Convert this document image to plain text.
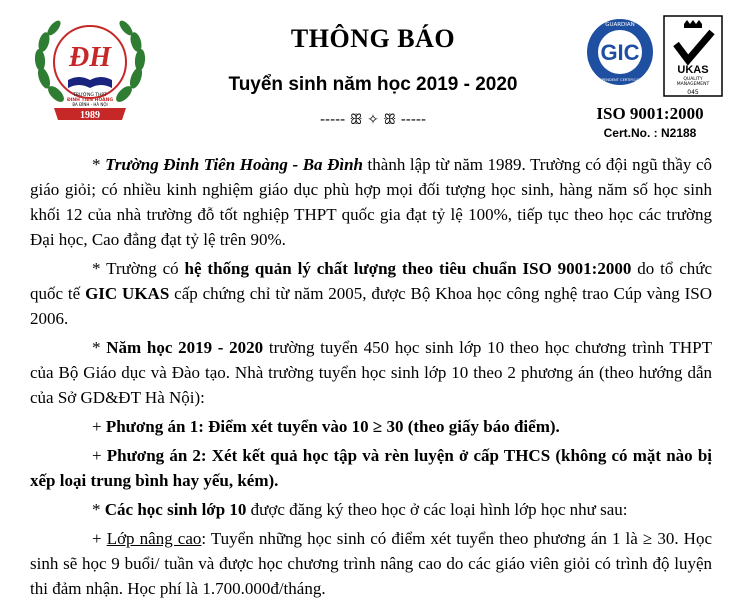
ĐH
TRƯỜNG THPT
ĐINH TIÊN HOÀNG
BA ĐÌNH - HÀ NỘI
1989
THÔNG BÁO
Tuyển sinh năm học 2019 - 2020
----- ꕥ ✧ ꕥ -----
GIC
GUARDIAN
INDEPENDENT CERTIFICATION
UKAS
QUALITY
MANAGEMENT
045
ISO 9001:2000
Cert.No. : N2188

* Trường Đinh Tiên Hoàng - Ba Đình thành lập từ năm 1989. Trường có đội ngũ thầy cô giáo giỏi; có nhiều kinh nghiệm giáo dục phù hợp mọi đối tượng học sinh, hàng năm số học sinh khối 12 của nhà trường đỗ tốt nghiệp THPT quốc gia đạt tỷ lệ 100%, tiếp tục theo học các trường Đại học, Cao đẳng đạt tỷ lệ trên 90%.

* Trường có hệ thống quản lý chất lượng theo tiêu chuẩn ISO 9001:2000 do tổ chức quốc tế GIC UKAS cấp chứng chỉ từ năm 2005, được Bộ Khoa học công nghệ trao Cúp vàng ISO 2006.

* Năm học 2019 - 2020 trường tuyển 450 học sinh lớp 10 theo học chương trình THPT của Bộ Giáo dục và Đào tạo. Nhà trường tuyển học sinh lớp 10 theo 2 phương án (theo hướng dẫn của Sở GD&ĐT Hà Nội):

+ Phương án 1: Điểm xét tuyển vào 10 ≥ 30 (theo giấy báo điểm).

+ Phương án 2: Xét kết quả học tập và rèn luyện ở cấp THCS (không có mặt nào bị xếp loại trung bình hay yếu, kém).

* Các học sinh lớp 10 được đăng ký theo học ở các loại hình lớp học như sau:

+ Lớp nâng cao: Tuyển những học sinh có điểm xét tuyển theo phương án 1 là ≥ 30. Học sinh sẽ học 9 buổi/ tuần và được học chương trình nâng cao do các giáo viên giỏi có trình độ luyện thi đảm nhận. Học phí là 1.700.000đ/tháng.
